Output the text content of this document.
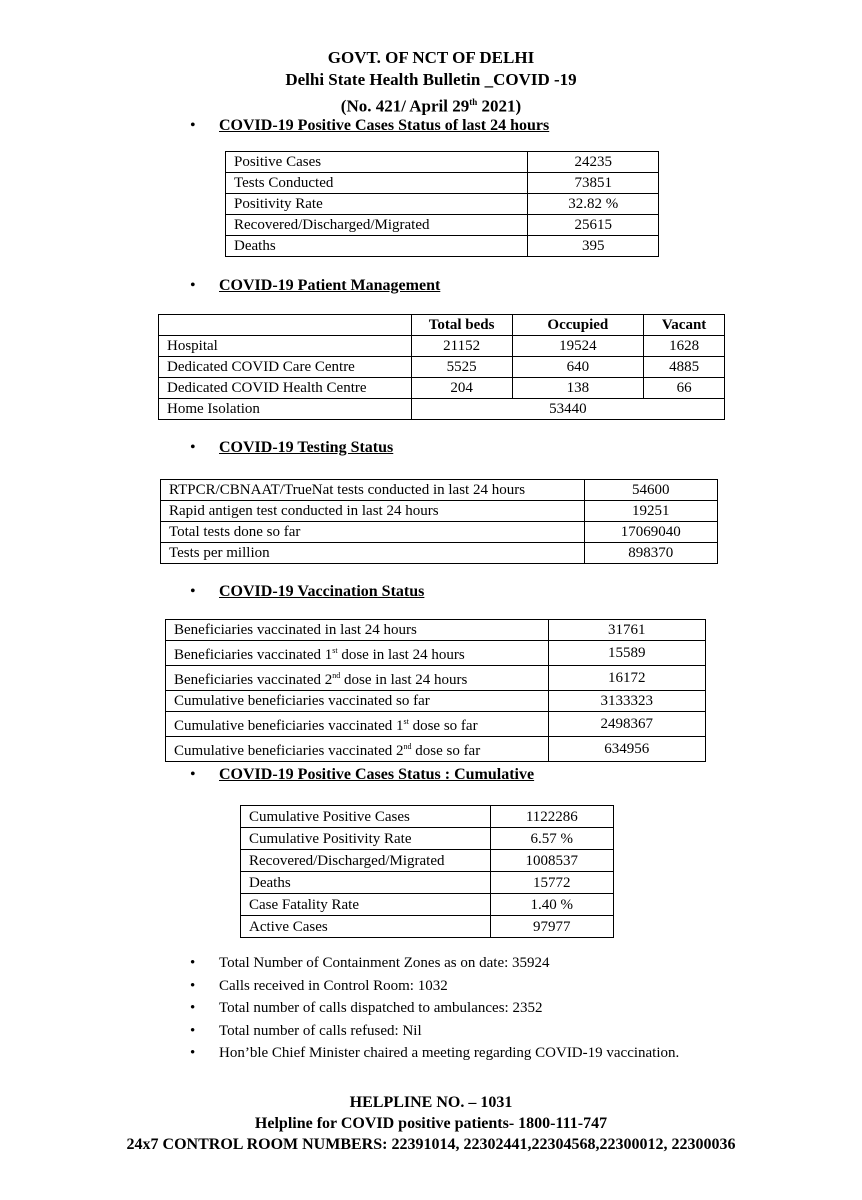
GOVT. OF NCT OF DELHI
Delhi State Health Bulletin _COVID -19
(No. 421/ April 29th 2021)
• COVID-19 Positive Cases Status of last 24 hours
Positive Cases	24235
Tests Conducted	73851
Positivity Rate	32.82 %
Recovered/Discharged/Migrated	25615
Deaths	395
• COVID-19 Patient Management
	Total beds	Occupied	Vacant
Hospital	21152	19524	1628
Dedicated COVID Care Centre	5525	640	4885
Dedicated COVID Health Centre	204	138	66
Home Isolation	53440		
• COVID-19 Testing Status
RTPCR/CBNAAT/TrueNat tests conducted in last 24 hours	54600
Rapid antigen test conducted in last 24 hours	19251
Total tests done so far	17069040
Tests per million	898370
• COVID-19 Vaccination Status
Beneficiaries vaccinated in last 24 hours	31761
Beneficiaries vaccinated 1st dose in last 24 hours	15589
Beneficiaries vaccinated 2nd dose in last 24 hours	16172
Cumulative beneficiaries vaccinated so far	3133323
Cumulative beneficiaries vaccinated 1st dose so far	2498367
Cumulative beneficiaries vaccinated 2nd dose so far	634956
• COVID-19 Positive Cases Status : Cumulative
Cumulative Positive Cases	1122286
Cumulative Positivity Rate	6.57 %
Recovered/Discharged/Migrated	1008537
Deaths	15772
Case Fatality Rate	1.40 %
Active Cases	97977
• Total Number of Containment Zones as on date: 35924
• Calls received in Control Room: 1032
• Total number of calls dispatched to ambulances: 2352
• Total number of calls refused: Nil
• Hon’ble Chief Minister chaired a meeting regarding COVID-19 vaccination.
HELPLINE NO. – 1031
Helpline for COVID positive patients- 1800-111-747
24x7 CONTROL ROOM NUMBERS: 22391014, 22302441,22304568,22300012, 22300036
